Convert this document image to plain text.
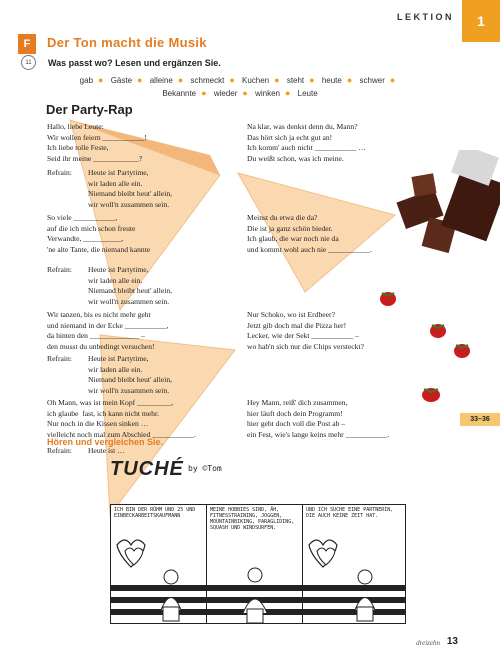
LEKTION	1
F
11
Der Ton macht die Musik
Was passt wo? Lesen und ergänzen Sie.
gab ● Gäste ● alleine ● schmeckt ● Kuchen ● steht ● heute ● schwer ●
Bekannte ● wieder ● winken ● Leute
Der Party-Rap
Hallo, liebe Leute:
Wir wollen feiern ___________!
Ich liebe tolle Feste,
Seid ihr meine ____________?
Refrain: Heute ist Partytime,
wir laden alle ein.
Niemand bleibt heut' allein,
wir woll'n zusammen sein.
So viele ___________,
auf die ich mich schon freute
Verwandte, __________,
'ne alte Tante, die niemand kannte
Refrain: Heute ist Partytime,
wir laden alle ein.
Niemand bleibt heut' allein,
wir woll'n zusammen sein.
Wir tanzen, bis es nicht mehr geht
und niemand in der Ecke ___________,
da hinten den _____________ –
den musst du unbedingt versuchen!
Refrain: Heute ist Partytime,
wir laden alle ein.
Niemand bleibt heut' allein,
wir woll'n zusammen sein.
Oh Mann, was ist mein Kopf _________,
ich glaube  fast, ich kann nicht mehr.
Nur noch in die Kissen sinken …
vielleicht noch mal zum Abschied ___________.
Refrain: Heute ist …
Na klar, was denkst denn du, Mann?
Das hört sich ja echt gut an!
Ich komm' auch nicht ___________ …
Du weißt schon, was ich meine.
Meinst du etwa die da?
Die ist ja ganz schön bieder.
Ich glaub, die war noch nie da
und kommt wohl auch nie ___________.
Nur Schoko, wo ist Erdbeer?
Jetzt gib doch mal die Pizza her!
Lecker, wie der Sekt ___________ –
wo hab'n sich nur die Chips versteckt?
Hey Mann, reiß' dich zusammen,
hier läuft doch dein Programm!
hier geht doch voll die Post ab –
ein Fest, wie's lange keins mehr ___________.
33–36
Hören und vergleichen Sie.
TUCHÉ by ©Tom
ICH BIN DER RÜHM UND 25 UND EINBECKARBEITSKAUFMANN
MEINE HOBBIES SIND, ÄH, FITNESSTRAINING, JOGGEN, MOUNTAINBIKING, PARAGLIDING, SQUASH UND WINDSURFEN.
UND ICH SUCHE EINE PARTNERIN, DIE AUCH KEINE ZEIT HAT.
dreizehn 13
